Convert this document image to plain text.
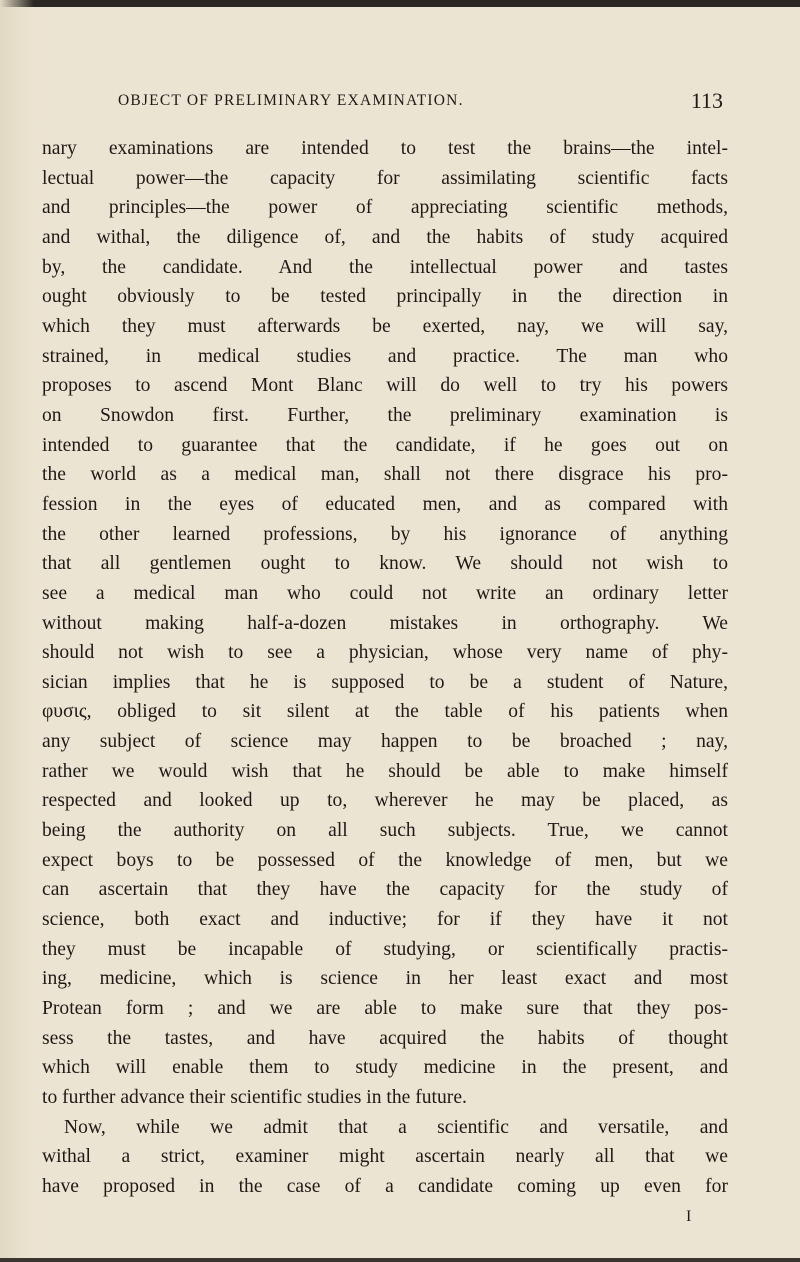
OBJECT OF PRELIMINARY EXAMINATION.	113
nary examinations are intended to test the brains—the intel-
lectual power—the capacity for assimilating scientific facts
and principles—the power of appreciating scientific methods,
and withal, the diligence of, and the habits of study acquired
by, the candidate. And the intellectual power and tastes
ought obviously to be tested principally in the direction in
which they must afterwards be exerted, nay, we will say,
strained, in medical studies and practice. The man who
proposes to ascend Mont Blanc will do well to try his powers
on Snowdon first. Further, the preliminary examination is
intended to guarantee that the candidate, if he goes out on
the world as a medical man, shall not there disgrace his pro-
fession in the eyes of educated men, and as compared with
the other learned professions, by his ignorance of anything
that all gentlemen ought to know. We should not wish to
see a medical man who could not write an ordinary letter
without making half-a-dozen mistakes in orthography. We
should not wish to see a physician, whose very name of phy-
sician implies that he is supposed to be a student of Nature,
φυσις, obliged to sit silent at the table of his patients when
any subject of science may happen to be broached ; nay,
rather we would wish that he should be able to make himself
respected and looked up to, wherever he may be placed, as
being the authority on all such subjects. True, we cannot
expect boys to be possessed of the knowledge of men, but we
can ascertain that they have the capacity for the study of
science, both exact and inductive; for if they have it not
they must be incapable of studying, or scientifically practis-
ing, medicine, which is science in her least exact and most
Protean form ; and we are able to make sure that they pos-
sess the tastes, and have acquired the habits of thought
which will enable them to study medicine in the present, and
to further advance their scientific studies in the future.
Now, while we admit that a scientific and versatile, and
withal a strict, examiner might ascertain nearly all that we
have proposed in the case of a candidate coming up even for
I
